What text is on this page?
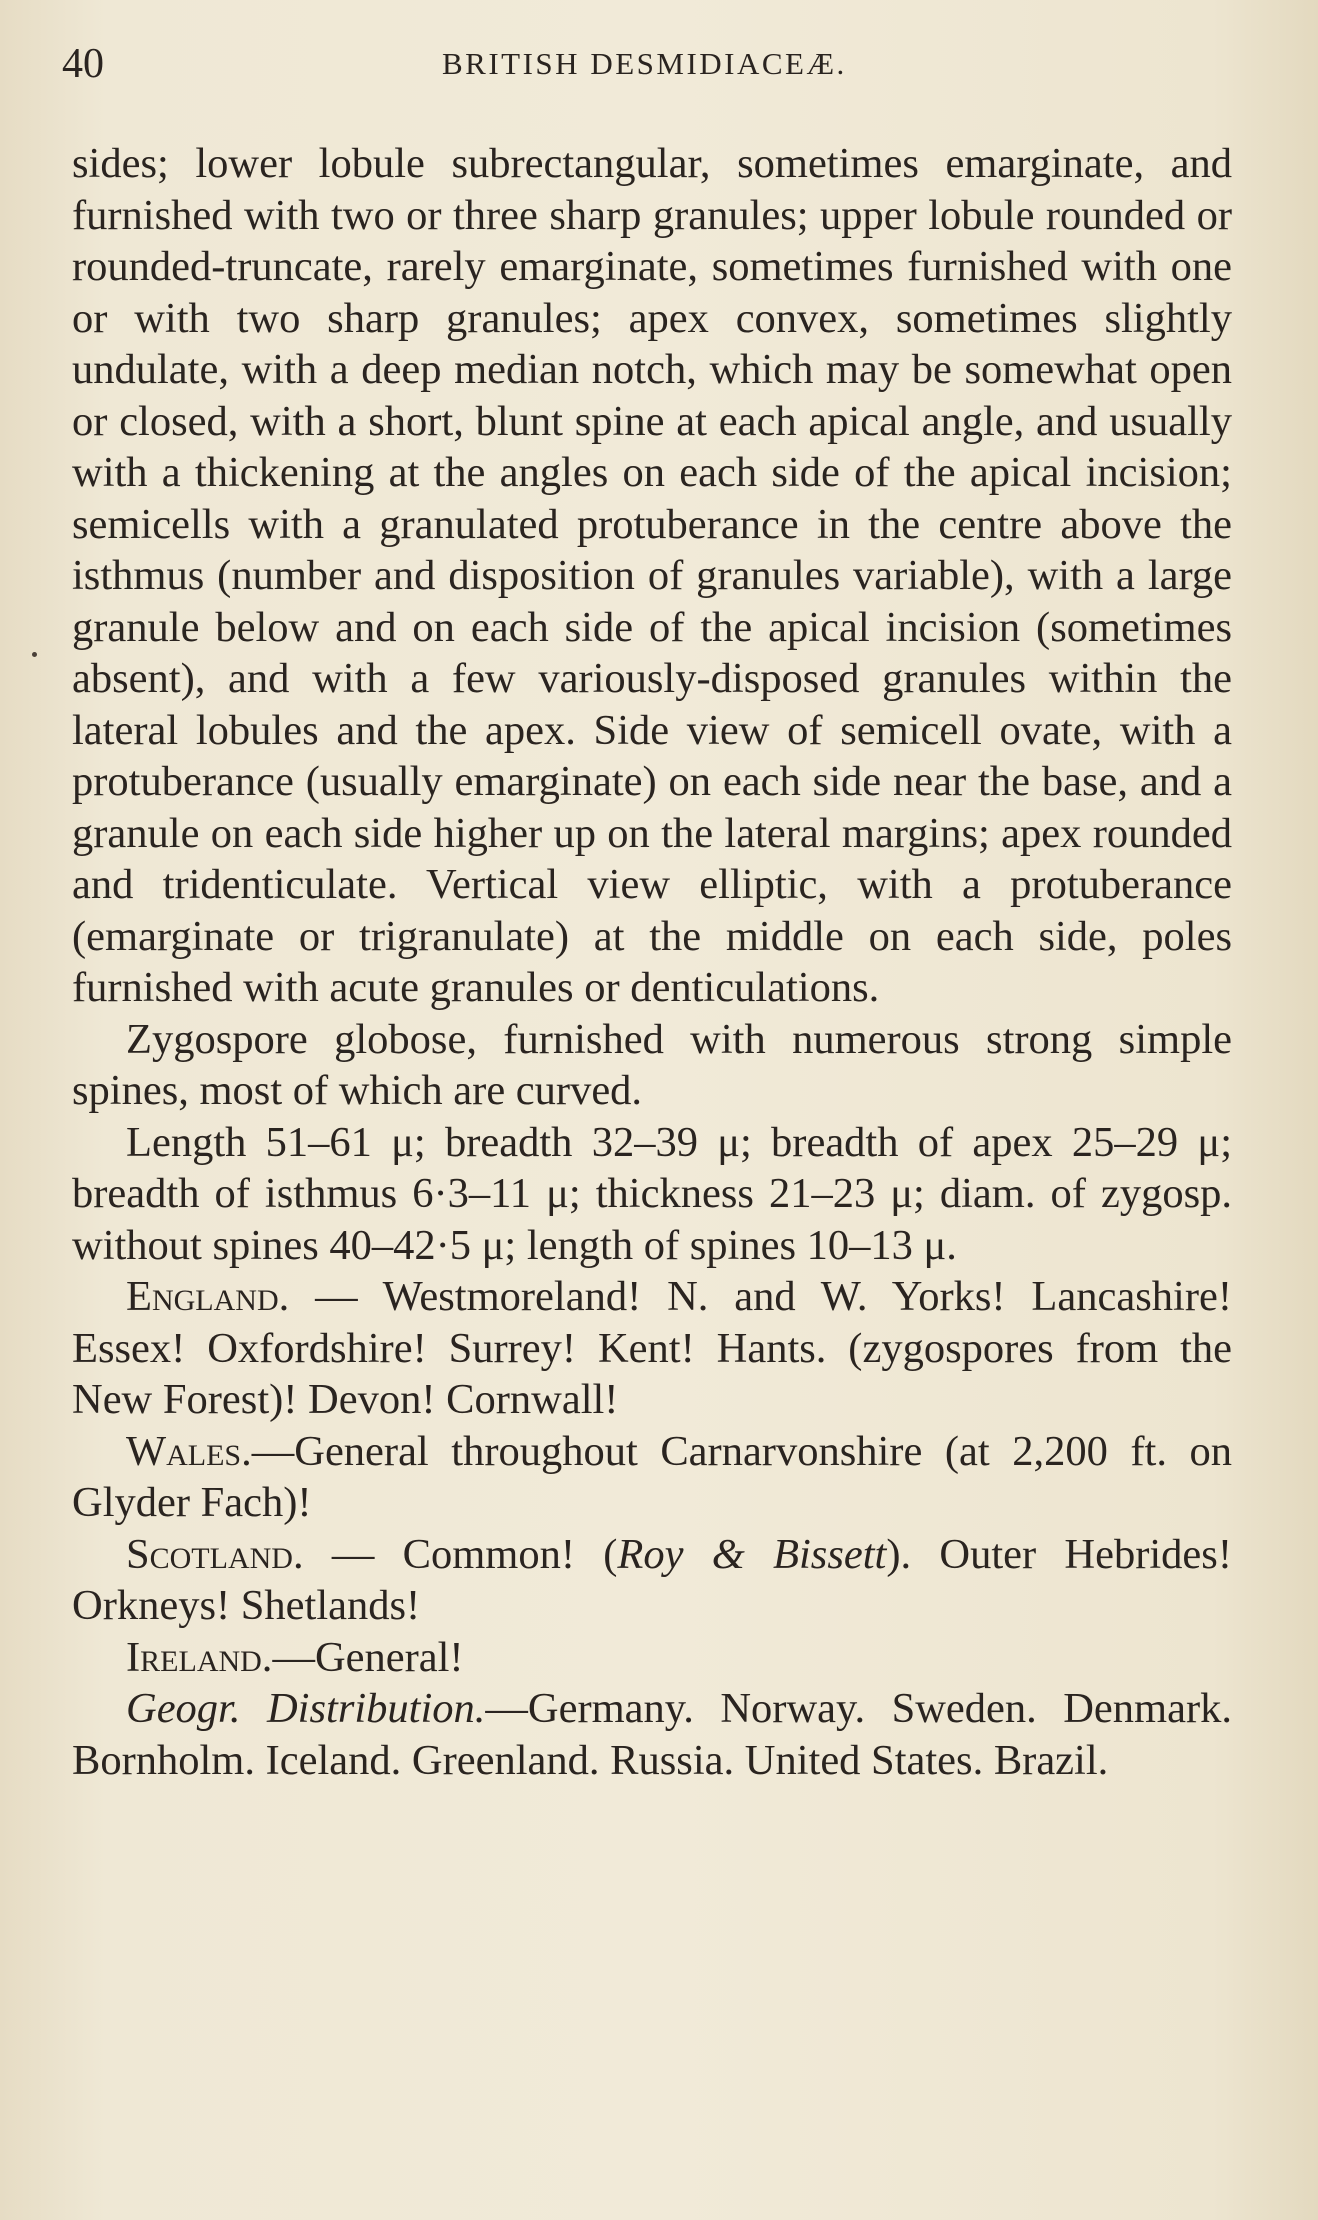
40	BRITISH DESMIDIACEÆ.

sides; lower lobule subrectangular, sometimes emarginate, and furnished with two or three sharp granules; upper lobule rounded or rounded-truncate, rarely emarginate, sometimes furnished with one or with two sharp granules; apex convex, sometimes slightly undulate, with a deep median notch, which may be somewhat open or closed, with a short, blunt spine at each apical angle, and usually with a thickening at the angles on each side of the apical incision; semicells with a granulated protuberance in the centre above the isthmus (number and disposition of granules variable), with a large granule below and on each side of the apical incision (sometimes absent), and with a few variously-disposed granules within the lateral lobules and the apex. Side view of semicell ovate, with a protuberance (usually emarginate) on each side near the base, and a granule on each side higher up on the lateral margins; apex rounded and tridenticulate. Vertical view elliptic, with a protuberance (emarginate or trigranulate) at the middle on each side, poles furnished with acute granules or denticulations.

Zygospore globose, furnished with numerous strong simple spines, most of which are curved.

Length 51–61 μ; breadth 32–39 μ; breadth of apex 25–29 μ; breadth of isthmus 6·3–11 μ; thickness 21–23 μ; diam. of zygosp. without spines 40–42·5 μ; length of spines 10–13 μ.

England. — Westmoreland! N. and W. Yorks! Lancashire! Essex! Oxfordshire! Surrey! Kent! Hants. (zygospores from the New Forest)! Devon! Cornwall!

Wales.—General throughout Carnarvonshire (at 2,200 ft. on Glyder Fach)!

Scotland. — Common! (Roy & Bissett). Outer Hebrides! Orkneys! Shetlands!

Ireland.—General!

Geogr. Distribution.—Germany. Norway. Sweden. Denmark. Bornholm. Iceland. Greenland. Russia. United States. Brazil.
